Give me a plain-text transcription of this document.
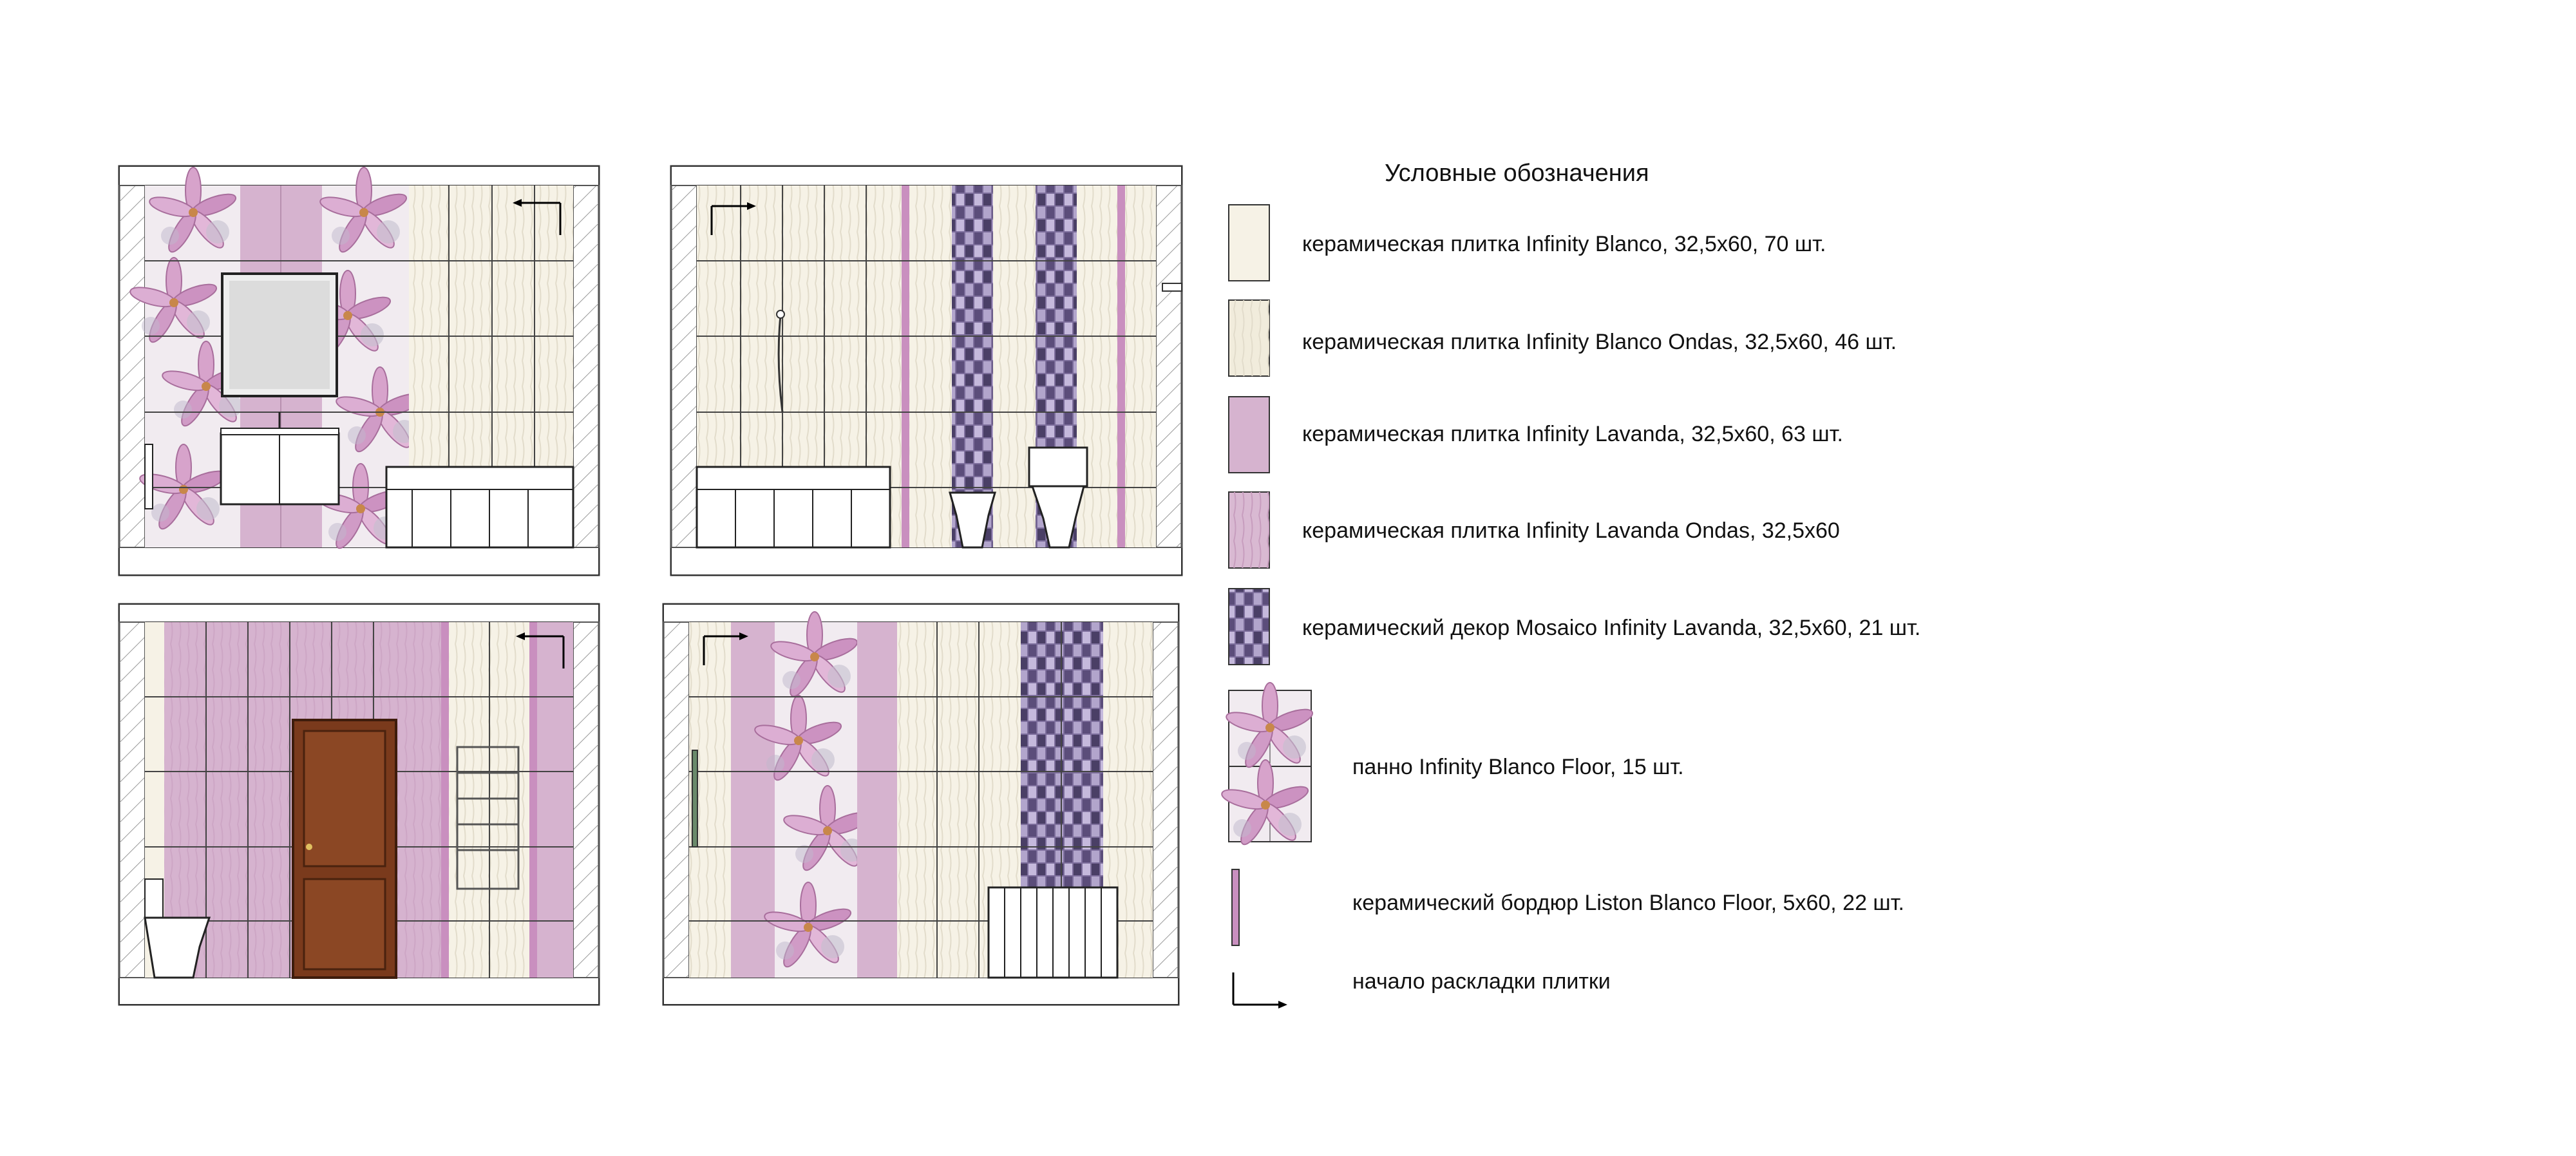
Условные обозначения
керамическая плитка Infinity Blanco, 32,5х60, 70 шт.
керамическая плитка Infinity Blanco Ondas, 32,5х60, 46 шт.
керамическая плитка Infinity Lavanda, 32,5х60, 63 шт.
керамическая плитка Infinity Lavanda Ondas, 32,5х60
керамический декор Mosaico Infinity Lavanda, 32,5х60, 21 шт.
панно Infinity Blanco Floor, 15 шт.
керамический бордюр Liston Blanco Floor, 5х60, 22 шт.
начало раскладки плитки
